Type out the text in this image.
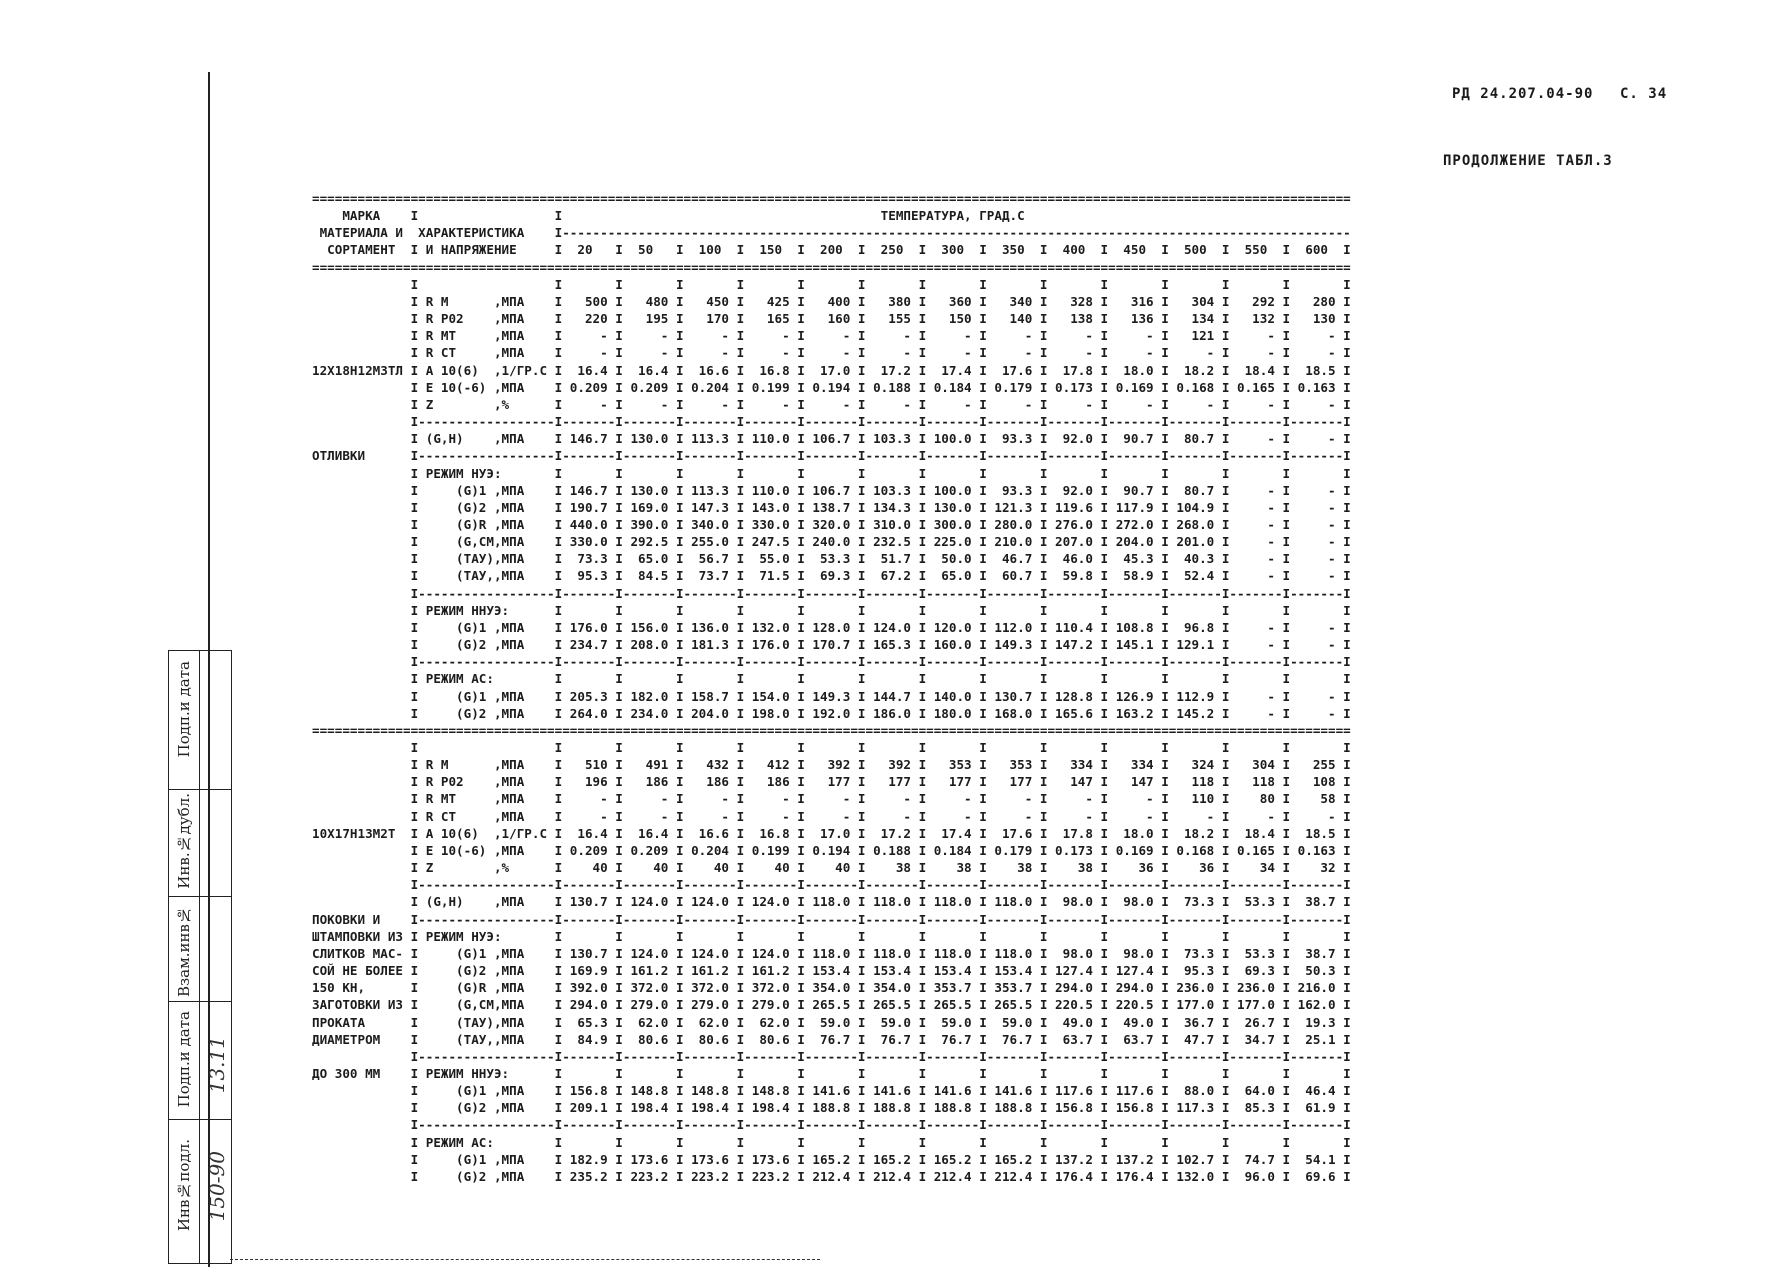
РД 24.207.04-90 С. 34
ПРОДОЛЖЕНИЕ ТАБЛ.3
Инв№подл.
Подп.и дата
Взам.инв№
Инв.№дубл.
Подп.и дата
150-90
13.11
=========================================================================================================================================
МАРКА    I                  I                                          ТЕМПЕРАТУРА, ГРАД.С
МАТЕРИАЛА И  ХАРАКТЕРИСТИКА    I--------------------------------------------------------------------------------------------------------
СОРТАМЕНТ  I И НАПРЯЖЕНИЕ     I  20   I  50   I  100  I  150  I  200  I  250  I  300  I  350  I  400  I  450  I  500  I  550  I  600  I
=========================================================================================================================================
I                  I       I       I       I       I       I       I       I       I       I       I       I       I       I
I R M      ,МПА    I   500 I   480 I   450 I   425 I   400 I   380 I   360 I   340 I   328 I   316 I   304 I   292 I   280 I
I R P02    ,МПА    I   220 I   195 I   170 I   165 I   160 I   155 I   150 I   140 I   138 I   136 I   134 I   132 I   130 I
I R MT     ,МПА    I     - I     - I     - I     - I     - I     - I     - I     - I     - I     - I   121 I     - I     - I
I R CT     ,МПА    I     - I     - I     - I     - I     - I     - I     - I     - I     - I     - I     - I     - I     - I
12Х18Н12М3ТЛ I A 10(6)  ,1/ГР.С I  16.4 I  16.4 I  16.6 I  16.8 I  17.0 I  17.2 I  17.4 I  17.6 I  17.8 I  18.0 I  18.2 I  18.4 I  18.5 I
I E 10(-6) ,МПА    I 0.209 I 0.209 I 0.204 I 0.199 I 0.194 I 0.188 I 0.184 I 0.179 I 0.173 I 0.169 I 0.168 I 0.165 I 0.163 I
I Z        ,%      I     - I     - I     - I     - I     - I     - I     - I     - I     - I     - I     - I     - I     - I
I------------------I-------I-------I-------I-------I-------I-------I-------I-------I-------I-------I-------I-------I-------I
I (G,H)    ,МПА    I 146.7 I 130.0 I 113.3 I 110.0 I 106.7 I 103.3 I 100.0 I  93.3 I  92.0 I  90.7 I  80.7 I     - I     - I
ОТЛИВКИ      I------------------I-------I-------I-------I-------I-------I-------I-------I-------I-------I-------I-------I-------I-------I
I РЕЖИМ НУЭ:       I       I       I       I       I       I       I       I       I       I       I       I       I       I
I     (G)1 ,МПА    I 146.7 I 130.0 I 113.3 I 110.0 I 106.7 I 103.3 I 100.0 I  93.3 I  92.0 I  90.7 I  80.7 I     - I     - I
I     (G)2 ,МПА    I 190.7 I 169.0 I 147.3 I 143.0 I 138.7 I 134.3 I 130.0 I 121.3 I 119.6 I 117.9 I 104.9 I     - I     - I
I     (G)R ,МПА    I 440.0 I 390.0 I 340.0 I 330.0 I 320.0 I 310.0 I 300.0 I 280.0 I 276.0 I 272.0 I 268.0 I     - I     - I
I     (G,CM,МПА    I 330.0 I 292.5 I 255.0 I 247.5 I 240.0 I 232.5 I 225.0 I 210.0 I 207.0 I 204.0 I 201.0 I     - I     - I
I     (ТАУ),МПА    I  73.3 I  65.0 I  56.7 I  55.0 I  53.3 I  51.7 I  50.0 I  46.7 I  46.0 I  45.3 I  40.3 I     - I     - I
I     (ТАУ,,МПА    I  95.3 I  84.5 I  73.7 I  71.5 I  69.3 I  67.2 I  65.0 I  60.7 I  59.8 I  58.9 I  52.4 I     - I     - I
I------------------I-------I-------I-------I-------I-------I-------I-------I-------I-------I-------I-------I-------I-------I
I РЕЖИМ ННУЭ:      I       I       I       I       I       I       I       I       I       I       I       I       I       I
I     (G)1 ,МПА    I 176.0 I 156.0 I 136.0 I 132.0 I 128.0 I 124.0 I 120.0 I 112.0 I 110.4 I 108.8 I  96.8 I     - I     - I
I     (G)2 ,МПА    I 234.7 I 208.0 I 181.3 I 176.0 I 170.7 I 165.3 I 160.0 I 149.3 I 147.2 I 145.1 I 129.1 I     - I     - I
I------------------I-------I-------I-------I-------I-------I-------I-------I-------I-------I-------I-------I-------I-------I
I РЕЖИМ АС:        I       I       I       I       I       I       I       I       I       I       I       I       I       I
I     (G)1 ,МПА    I 205.3 I 182.0 I 158.7 I 154.0 I 149.3 I 144.7 I 140.0 I 130.7 I 128.8 I 126.9 I 112.9 I     - I     - I
I     (G)2 ,МПА    I 264.0 I 234.0 I 204.0 I 198.0 I 192.0 I 186.0 I 180.0 I 168.0 I 165.6 I 163.2 I 145.2 I     - I     - I
=========================================================================================================================================
I                  I       I       I       I       I       I       I       I       I       I       I       I       I       I
I R M      ,МПА    I   510 I   491 I   432 I   412 I   392 I   392 I   353 I   353 I   334 I   334 I   324 I   304 I   255 I
I R P02    ,МПА    I   196 I   186 I   186 I   186 I   177 I   177 I   177 I   177 I   147 I   147 I   118 I   118 I   108 I
I R MT     ,МПА    I     - I     - I     - I     - I     - I     - I     - I     - I     - I     - I   110 I    80 I    58 I
I R CT     ,МПА    I     - I     - I     - I     - I     - I     - I     - I     - I     - I     - I     - I     - I     - I
10Х17Н13М2Т  I A 10(6)  ,1/ГР.С I  16.4 I  16.4 I  16.6 I  16.8 I  17.0 I  17.2 I  17.4 I  17.6 I  17.8 I  18.0 I  18.2 I  18.4 I  18.5 I
I E 10(-6) ,МПА    I 0.209 I 0.209 I 0.204 I 0.199 I 0.194 I 0.188 I 0.184 I 0.179 I 0.173 I 0.169 I 0.168 I 0.165 I 0.163 I
I Z        ,%      I    40 I    40 I    40 I    40 I    40 I    38 I    38 I    38 I    38 I    36 I    36 I    34 I    32 I
I------------------I-------I-------I-------I-------I-------I-------I-------I-------I-------I-------I-------I-------I-------I
I (G,H)    ,МПА    I 130.7 I 124.0 I 124.0 I 124.0 I 118.0 I 118.0 I 118.0 I 118.0 I  98.0 I  98.0 I  73.3 I  53.3 I  38.7 I
ПОКОВКИ И    I------------------I-------I-------I-------I-------I-------I-------I-------I-------I-------I-------I-------I-------I-------I
ШТАМПОВКИ ИЗ I РЕЖИМ НУЭ:       I       I       I       I       I       I       I       I       I       I       I       I       I       I
СЛИТКОВ МАС- I     (G)1 ,МПА    I 130.7 I 124.0 I 124.0 I 124.0 I 118.0 I 118.0 I 118.0 I 118.0 I  98.0 I  98.0 I  73.3 I  53.3 I  38.7 I
СОЙ НЕ БОЛЕЕ I     (G)2 ,МПА    I 169.9 I 161.2 I 161.2 I 161.2 I 153.4 I 153.4 I 153.4 I 153.4 I 127.4 I 127.4 I  95.3 I  69.3 I  50.3 I
150 КН,      I     (G)R ,МПА    I 392.0 I 372.0 I 372.0 I 372.0 I 354.0 I 354.0 I 353.7 I 353.7 I 294.0 I 294.0 I 236.0 I 236.0 I 216.0 I
ЗАГОТОВКИ ИЗ I     (G,CM,МПА    I 294.0 I 279.0 I 279.0 I 279.0 I 265.5 I 265.5 I 265.5 I 265.5 I 220.5 I 220.5 I 177.0 I 177.0 I 162.0 I
ПРОКАТА      I     (ТАУ),МПА    I  65.3 I  62.0 I  62.0 I  62.0 I  59.0 I  59.0 I  59.0 I  59.0 I  49.0 I  49.0 I  36.7 I  26.7 I  19.3 I
ДИАМЕТРОМ    I     (ТАУ,,МПА    I  84.9 I  80.6 I  80.6 I  80.6 I  76.7 I  76.7 I  76.7 I  76.7 I  63.7 I  63.7 I  47.7 I  34.7 I  25.1 I
I------------------I-------I-------I-------I-------I-------I-------I-------I-------I-------I-------I-------I-------I-------I
ДО 300 ММ    I РЕЖИМ ННУЭ:      I       I       I       I       I       I       I       I       I       I       I       I       I       I
I     (G)1 ,МПА    I 156.8 I 148.8 I 148.8 I 148.8 I 141.6 I 141.6 I 141.6 I 141.6 I 117.6 I 117.6 I  88.0 I  64.0 I  46.4 I
I     (G)2 ,МПА    I 209.1 I 198.4 I 198.4 I 198.4 I 188.8 I 188.8 I 188.8 I 188.8 I 156.8 I 156.8 I 117.3 I  85.3 I  61.9 I
I------------------I-------I-------I-------I-------I-------I-------I-------I-------I-------I-------I-------I-------I-------I
I РЕЖИМ АС:        I       I       I       I       I       I       I       I       I       I       I       I       I       I
I     (G)1 ,МПА    I 182.9 I 173.6 I 173.6 I 173.6 I 165.2 I 165.2 I 165.2 I 165.2 I 137.2 I 137.2 I 102.7 I  74.7 I  54.1 I
I     (G)2 ,МПА    I 235.2 I 223.2 I 223.2 I 223.2 I 212.4 I 212.4 I 212.4 I 212.4 I 176.4 I 176.4 I 132.0 I  96.0 I  69.6 I
